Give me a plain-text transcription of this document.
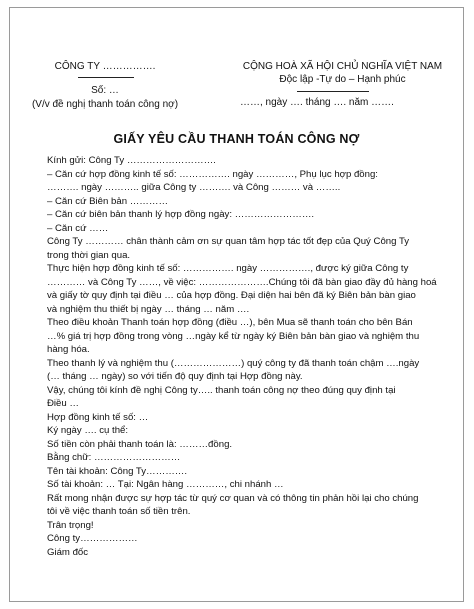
CÔNG TY …………….
Số: …
(V/v đề nghị thanh toán công nợ)
CỘNG HOÀ XÃ HỘI CHỦ NGHĨA VIỆT NAM
Độc lập -Tự do – Hạnh phúc
……, ngày …. tháng …. năm …….
GIẤY YÊU CẦU THANH TOÁN CÔNG NỢ

Kính gửi: Công Ty ……………………….

– Căn cứ hợp đồng kinh tế số: ……………. ngày …………, Phụ lục hợp đồng:

………. ngày ……….. giữa Công ty ………. và Công ……… và ……..

– Căn cứ Biên bản …………

– Căn cứ biên bản thanh lý hợp đồng ngày: …………………….

– Căn cứ ……

Công Ty ………… chân thành cảm ơn sự quan tâm hợp tác tốt đẹp của Quý Công Ty

trong thời gian qua.

Thực hiện hợp đồng kinh tế số: ……………. ngày ……………., được ký giữa Công ty

………… và Công Ty ……, về việc: ………………….Chúng tôi đã bàn giao đầy đủ hàng hoá

và giấy tờ quy định tại điều … của hợp đồng. Đại diện hai bên đã ký Biên bản bàn giao

và nghiệm thu thiết bị ngày … tháng … năm ….

Theo điều khoản Thanh toán hợp đồng (điều …), bên Mua sẽ thanh toán cho bên Bán

…% giá trị hợp đồng trong vòng …ngày kể từ ngày ký Biên bản bàn giao và nghiệm thu

hàng hóa.

Theo thanh lý và nghiệm thu (…………………) quý công ty đã thanh toán chậm ….ngày

(… tháng … ngày) so với tiến độ quy định tại Hợp đồng này.

Vậy, chúng tôi kính đề nghị Công ty….. thanh toán công nợ theo đúng quy định tại

Điều …

Hợp đồng kinh tế số: …

Ký ngày …. cụ thể:

Số tiền còn phải thanh toán là: ………đồng.

Bằng chữ: ………………………

Tên tài khoản: Công Ty………….

Số tài khoản: … Tại: Ngân hàng …………, chi nhánh …

Rất mong nhận được sự hợp tác từ quý cơ quan và có thông tin phản hồi lại cho chúng

tôi về việc thanh toán số tiền trên.

Trân trọng!

Công ty………………

Giám đốc
